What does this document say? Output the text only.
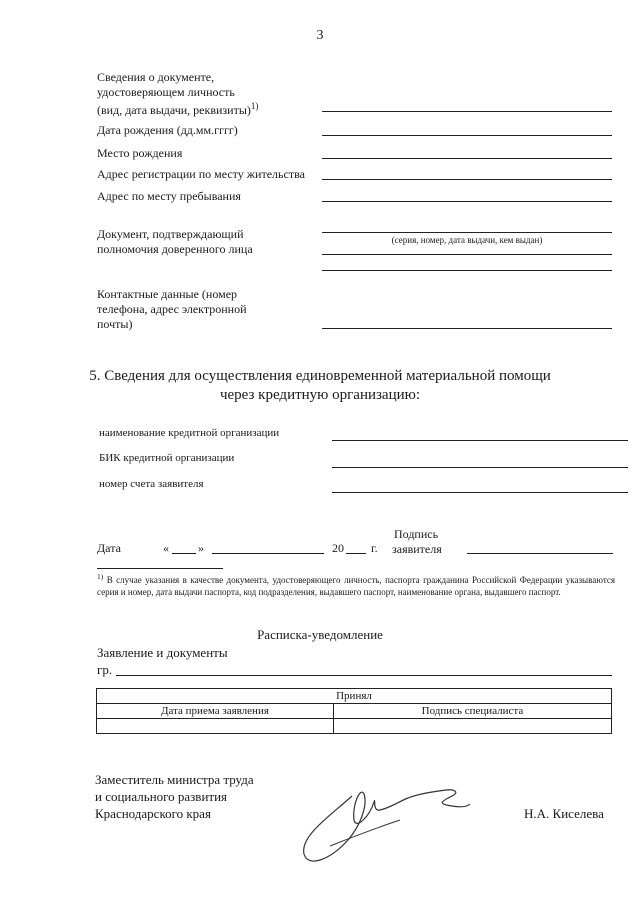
3
Сведения о документе,
удостоверяющем личность
(вид, дата выдачи, реквизиты)$^{1)}$
Дата рождения (дд.мм.гггг)
Место рождения
Адрес регистрации по месту жительства
Адрес по месту пребывания
Документ, подтверждающий
полномочия доверенного лица
(серия, номер, дата выдачи, кем выдан)
Контактные данные (номер
телефона, адрес электронной
почты)
5. Сведения для осуществления единовременной материальной помощи
через кредитную организацию:
наименование кредитной организации
БИК кредитной организации
номер счета заявителя
Дата	« »	20 г.
Подпись
заявителя
$^{1)}$ В случае указания в качестве документа, удостоверяющего личность, паспорта гражданина Российской Федерации указываются серия и номер, дата выдачи паспорта, код подразделения, выдавшего паспорт, наименование органа, выдавшего паспорт.
Расписка-уведомление
Заявление и документы
гр.
Принял	
Дата приема заявления	Подпись специалиста

Заместитель министра труда
и социального развития
Краснодарского края	Н.А. Киселева
